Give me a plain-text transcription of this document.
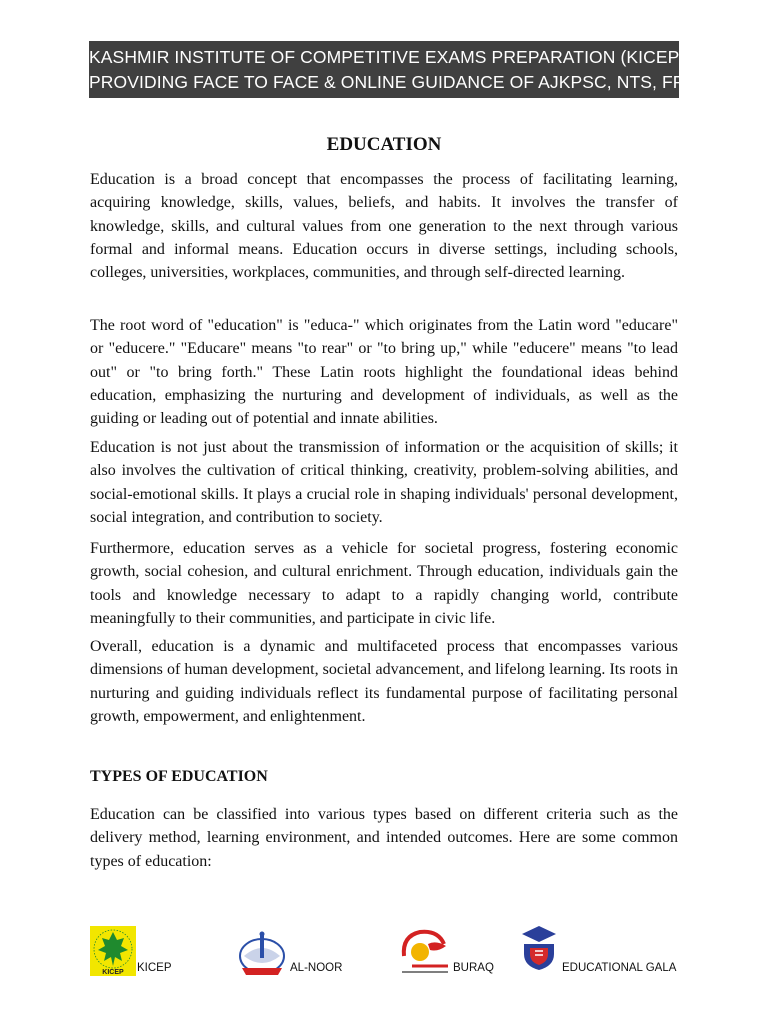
KASHMIR INSTITUTE OF COMPETITIVE EXAMS PREPARATION (KICEP)
PROVIDING FACE TO FACE & ONLINE GUIDANCE OF AJKPSC, NTS, FPSC
EDUCATION

Education is a broad concept that encompasses the process of facilitating learning, acquiring knowledge, skills, values, beliefs, and habits. It involves the transfer of knowledge, skills, and cultural values from one generation to the next through various formal and informal means. Education occurs in diverse settings, including schools, colleges, universities, workplaces, communities, and through self-directed learning.

The root word of "education" is "educa-" which originates from the Latin word "educare" or "educere." "Educare" means "to rear" or "to bring up," while "educere" means "to lead out" or "to bring forth." These Latin roots highlight the foundational ideas behind education, emphasizing the nurturing and development of individuals, as well as the guiding or leading out of potential and innate abilities.

Education is not just about the transmission of information or the acquisition of skills; it also involves the cultivation of critical thinking, creativity, problem-solving abilities, and social-emotional skills. It plays a crucial role in shaping individuals' personal development, social integration, and contribution to society.

Furthermore, education serves as a vehicle for societal progress, fostering economic growth, social cohesion, and cultural enrichment. Through education, individuals gain the tools and knowledge necessary to adapt to a rapidly changing world, contribute meaningfully to their communities, and participate in civic life.

Overall, education is a dynamic and multifaceted process that encompasses various dimensions of human development, societal advancement, and lifelong learning. Its roots in nurturing and guiding individuals reflect its fundamental purpose of facilitating personal growth, empowerment, and enlightenment.

TYPES OF EDUCATION

Education can be classified into various types based on different criteria such as the delivery method, learning environment, and intended outcomes. Here are some common types of education:

KICEP KICEP	AL-NOOR	BURAQ	EDUCATIONAL GALA
